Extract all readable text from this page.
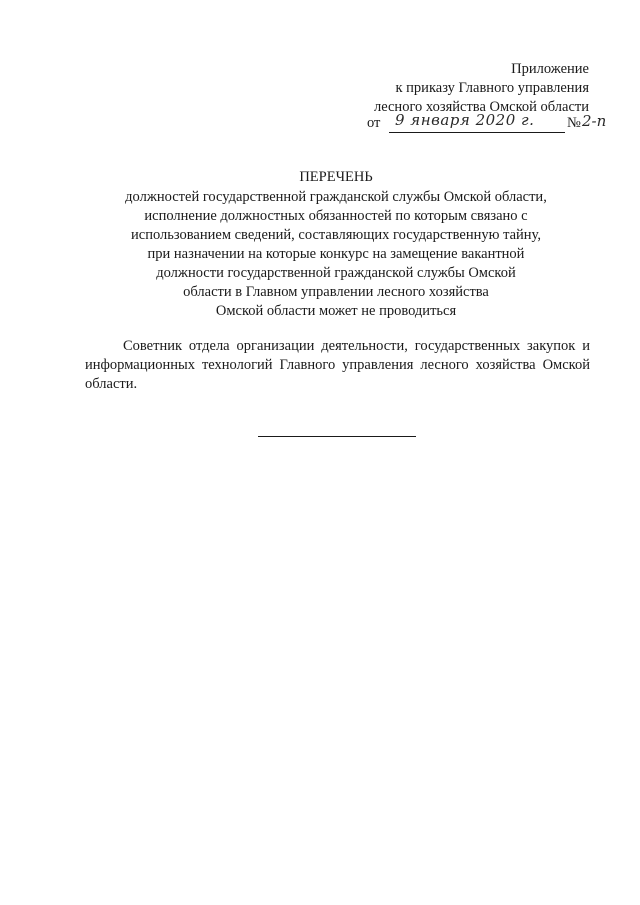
Приложение
к приказу Главного управления
лесного хозяйства Омской области
от 9 января 2020 г. № 2-п
ПЕРЕЧЕНЬ
должностей государственной гражданской службы Омской области,
исполнение должностных обязанностей по которым связано с
использованием сведений, составляющих государственную тайну,
при назначении на которые конкурс на замещение вакантной
должности государственной гражданской службы Омской
области в Главном управлении лесного хозяйства
Омской области может не проводиться

Советник отдела организации деятельности, государственных закупок и информационных технологий Главного управления лесного хозяйства Омской области.
